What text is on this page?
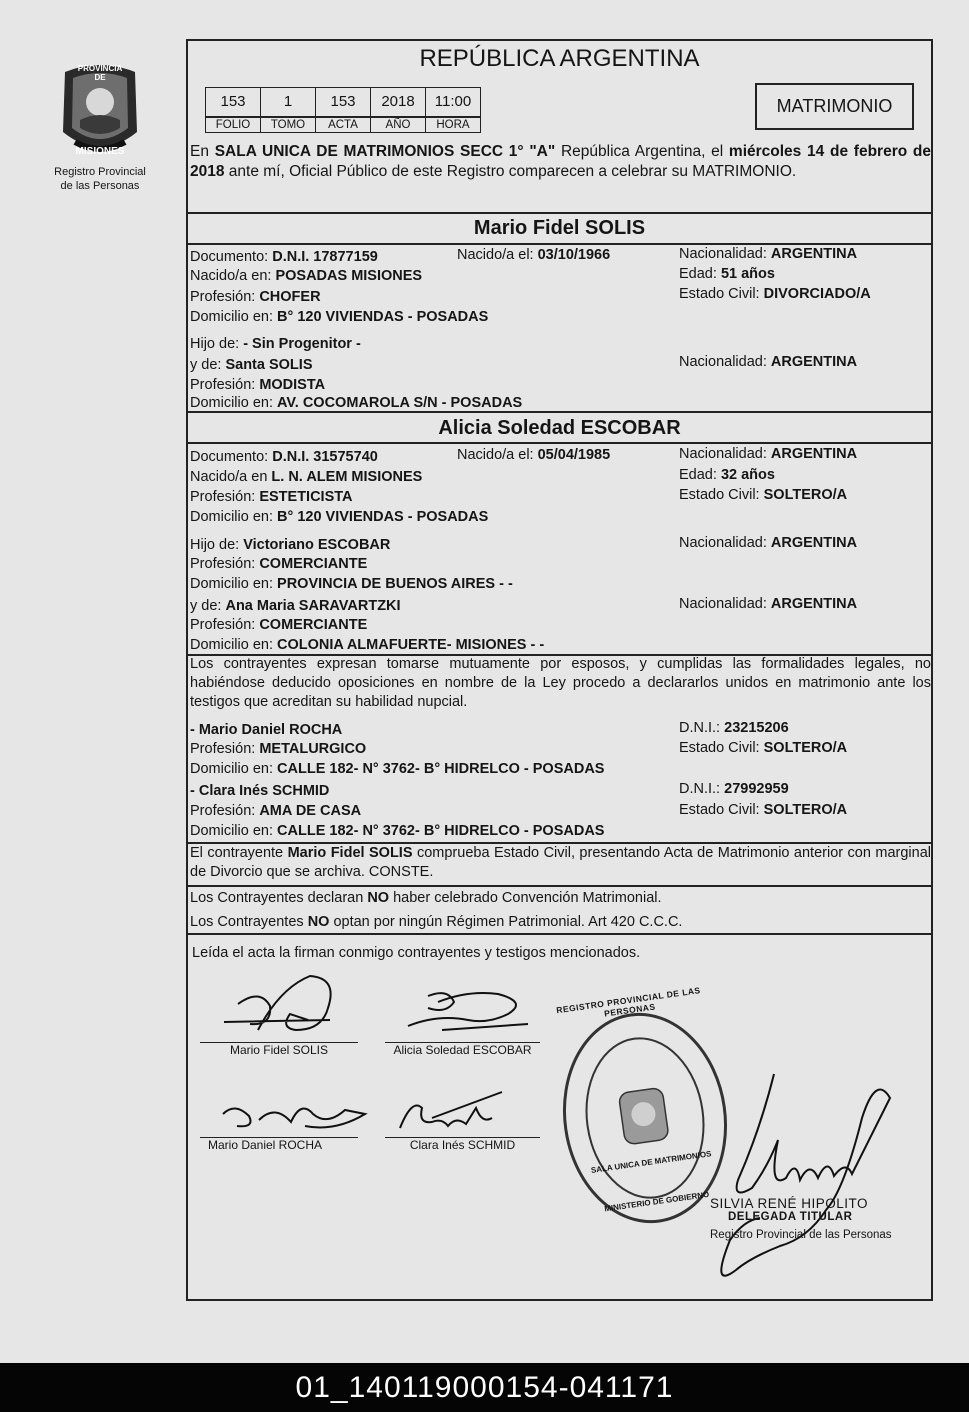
PROVINCIA DE
MISIONES
Registro Provincial
de las Personas
REPÚBLICA ARGENTINA
153	1	153	2018	11:00
FOLIO	TOMO	ACTA	AÑO	HORA
MATRIMONIO
En SALA UNICA DE MATRIMONIOS SECC 1° "A" República Argentina, el miércoles 14 de febrero de 2018 ante mí, Oficial Público de este Registro comparecen a celebrar su MATRIMONIO.
Mario Fidel SOLIS
Documento: D.N.I. 17877159	Nacido/a el: 03/10/1966	Nacionalidad: ARGENTINA
Nacido/a en: POSADAS MISIONES	Edad: 51 años
Profesión: CHOFER	Estado Civil: DIVORCIADO/A
Domicilio en: B° 120 VIVIENDAS - POSADAS
Hijo de: - Sin Progenitor -
y de: Santa SOLIS	Nacionalidad: ARGENTINA
Profesión: MODISTA
Domicilio en: AV. COCOMAROLA S/N - POSADAS
Alicia Soledad ESCOBAR
Documento: D.N.I. 31575740	Nacido/a el: 05/04/1985	Nacionalidad: ARGENTINA
Nacido/a en L. N. ALEM MISIONES	Edad: 32 años
Profesión: ESTETICISTA	Estado Civil: SOLTERO/A
Domicilio en: B° 120 VIVIENDAS - POSADAS
Hijo de: Victoriano ESCOBAR	Nacionalidad: ARGENTINA
Profesión: COMERCIANTE
Domicilio en: PROVINCIA DE BUENOS AIRES - -
y de: Ana Maria SARAVARTZKI	Nacionalidad: ARGENTINA
Profesión: COMERCIANTE
Domicilio en: COLONIA ALMAFUERTE- MISIONES - -
Los contrayentes expresan tomarse mutuamente por esposos, y cumplidas las formalidades legales, no habiéndose deducido oposiciones en nombre de la Ley procedo a declararlos unidos en matrimonio ante los testigos que acreditan su habilidad nupcial.
- Mario Daniel ROCHA	D.N.I.: 23215206
Profesión: METALURGICO	Estado Civil: SOLTERO/A
Domicilio en: CALLE 182- N° 3762- B° HIDRELCO - POSADAS
- Clara Inés SCHMID	D.N.I.: 27992959
Profesión: AMA DE CASA	Estado Civil: SOLTERO/A
Domicilio en: CALLE 182- N° 3762- B° HIDRELCO - POSADAS
El contrayente Mario Fidel SOLIS comprueba Estado Civil, presentando Acta de Matrimonio anterior con marginal de Divorcio que se archiva. CONSTE.
Los Contrayentes declaran NO haber celebrado Convención Matrimonial.
Los Contrayentes NO optan por ningún Régimen Patrimonial. Art 420 C.C.C.
Leída el acta la firman conmigo contrayentes y testigos mencionados.
Mario Fidel SOLIS	Alicia Soledad ESCOBAR
Mario Daniel ROCHA	Clara Inés SCHMID
REGISTRO PROVINCIAL DE LAS PERSONAS
SALA UNICA DE MATRIMONIOS
MINISTERIO DE GOBIERNO SILVIA RENÉ HIPOLITO
DELEGADA TITULAR
Registro Provincial de las Personas
01_140119000154-041171
